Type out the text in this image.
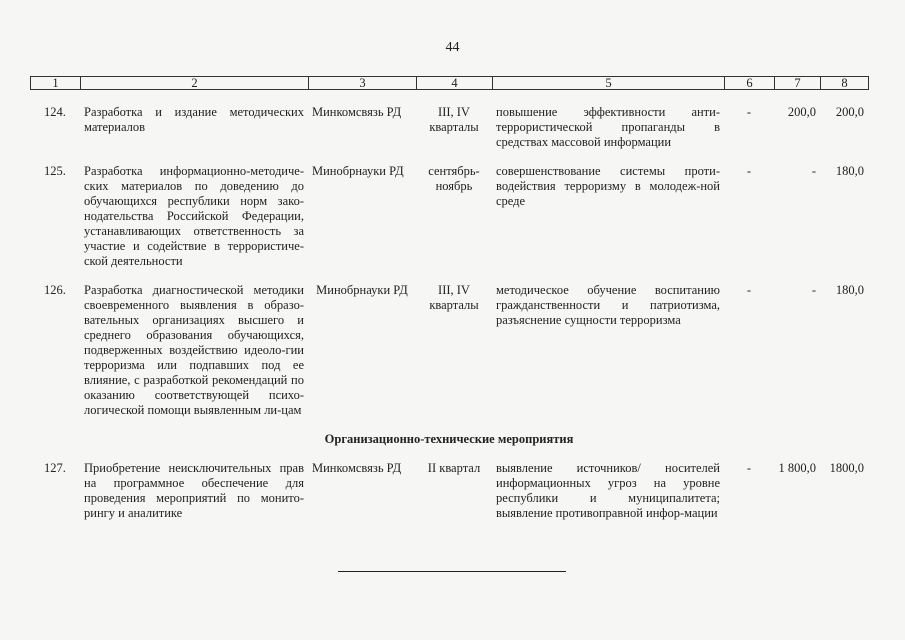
44
1	2	3	4	5	6	7	8
124.	Разработка и издание методических материалов	Минкомсвязь РД	III, IV кварталы	повышение эффективности анти-террористической пропаганды в средствах массовой информации	-	200,0	200,0

125.	Разработка информационно-методиче-ских материалов по доведению до обучающихся республики норм зако-нодательства Российской Федерации, устанавливающих ответственность за участие и содействие в террористиче-ской деятельности	Минобрнауки РД	сентябрь-ноябрь	совершенствование системы проти-водействия терроризму в молодеж-ной среде	-	-	180,0

126.	Разработка диагностической методики своевременного выявления в образо-вательных организациях высшего и среднего образования обучающихся, подверженных воздействию идеоло-гии терроризма или подпавших под ее влияние, с разработкой рекомендаций по оказанию соответствующей психо-логической помощи выявленным ли-цам	Минобрнауки РД	III, IV кварталы	методическое обучение воспитанию гражданственности и патриотизма, разъяснение сущности терроризма	-	-	180,0

Организационно-технические мероприятия							

127.	Приобретение неисключительных прав на программное обеспечение для проведения мероприятий по монито-рингу и аналитике	Минкомсвязь РД	II квартал	выявление источников/ носителей информационных угроз на уровне республики и муниципалитета; выявление противоправной инфор-мации	-	1 800,0	1800,0
